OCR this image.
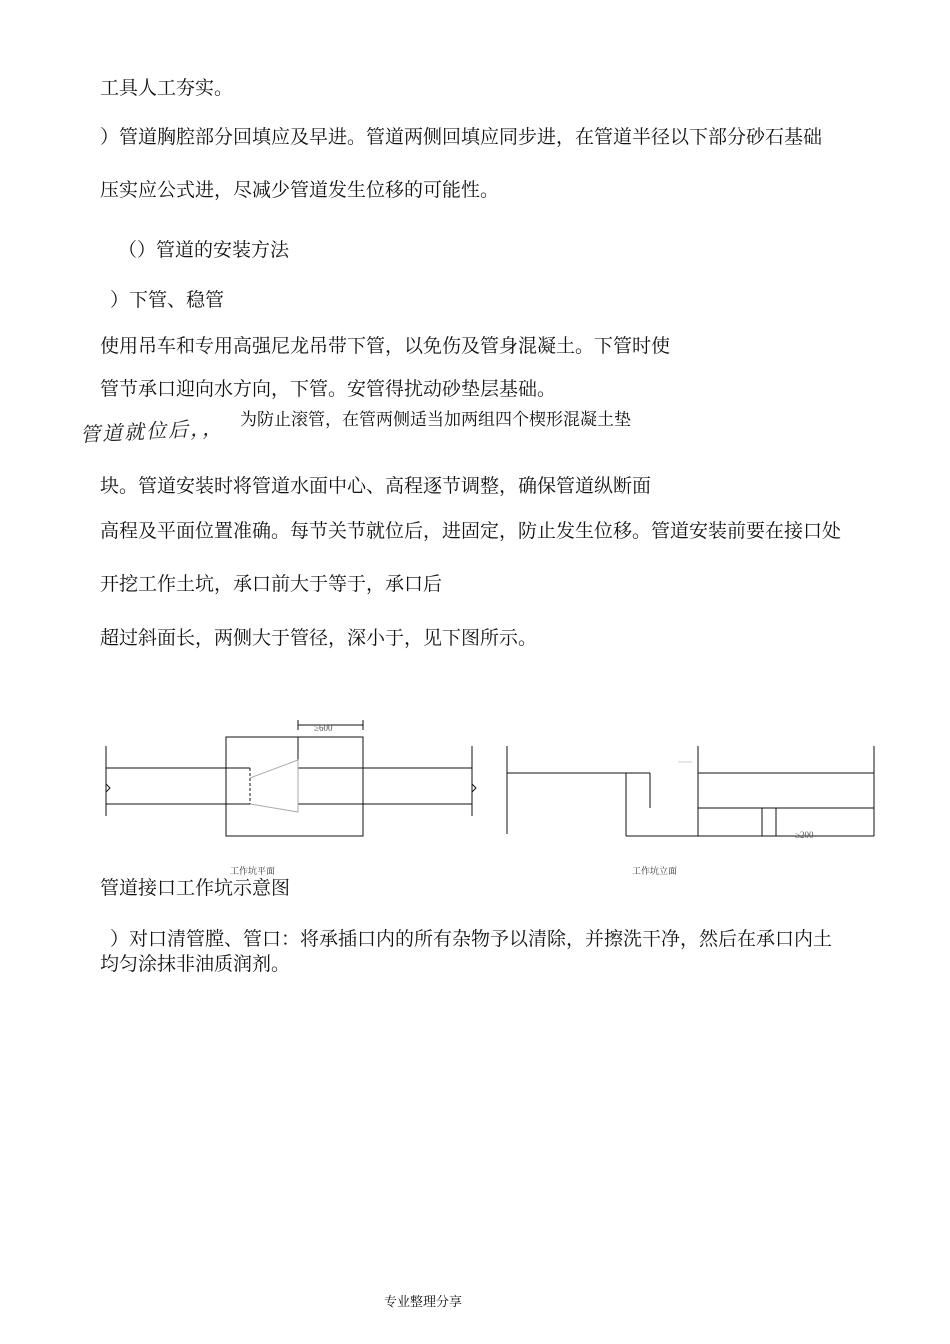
工具人工夯实。
）管道胸腔部分回填应及早进。管道两侧回填应同步进，在管道半径以下部分砂石基础
压实应公式进，尽减少管道发生位移的可能性。
（）管道的安装方法
）下管、稳管
使用吊车和专用高强尼龙吊带下管，以免伤及管身混凝土。下管时使
管节承口迎向水方向，下管。安管得扰动砂垫层基础。
管道就位后，， 为防止滚管，在管两侧适当加两组四个楔形混凝土垫
块。管道安装时将管道水面中心、高程逐节调整，确保管道纵断面
高程及平面位置准确。每节关节就位后，进固定，防止发生位移。管道安装前要在接口处
开挖工作土坑，承口前大于等于，承口后
超过斜面长，两侧大于管径，深小于，见下图所示。
≥600
工作坑平面
≥200
工作坑立面
管道接口工作坑示意图
）对口清管膛、管口：将承插口内的所有杂物予以清除，并擦洗干净，然后在承口内土
均匀涂抹非油质润剂。
专业整理分享
